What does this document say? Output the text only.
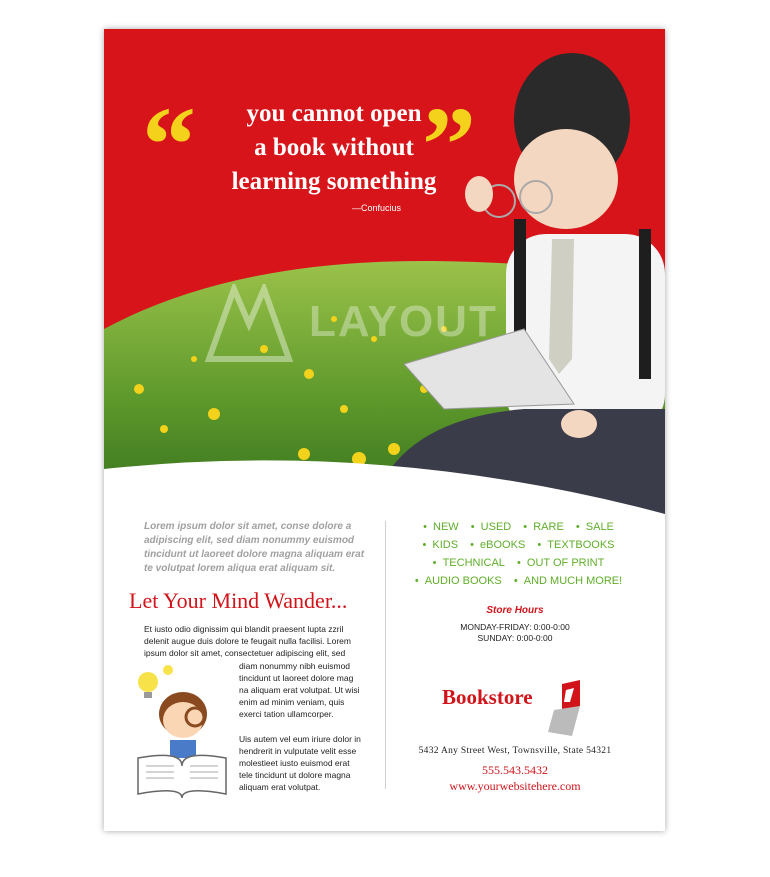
“ ”
you cannot open
a book without
learning something
—Confucius
LAYOUT
Lorem ipsum dolor sit amet, conse dolore a adipiscing elit, sed diam nonummy euismod tincidunt ut laoreet dolore magna aliquam erat te volutpat lorem aliqua erat aliquam sit.
Let Your Mind Wander...
Et iusto odio dignissim qui blandit praesent lupta zzril delenit augue duis dolore te feugait nulla facilisi. Lorem ipsum dolor sit amet, consectetuer adipiscing elit, sed
diam nonummy nibh euismod tincidunt ut laoreet dolore mag na aliquam erat volutpat. Ut wisi enim ad minim veniam, quis exerci tation ullamcorper.
Uis autem vel eum iriure dolor in hendrerit in vulputate velit esse molestieet iusto euismod erat tele tincidunt ut dolore magna aliquam erat volutpat.
• NEW • USED • RARE • SALE
• KIDS • eBOOKS • TEXTBOOKS
• TECHNICAL • OUT OF PRINT
• AUDIO BOOKS • AND MUCH MORE!
Store Hours
MONDAY-FRIDAY: 0:00-0:00
SUNDAY: 0:00-0:00
Bookstore
5432 Any Street West, Townsville, State 54321
555.543.5432
www.yourwebsitehere.com
